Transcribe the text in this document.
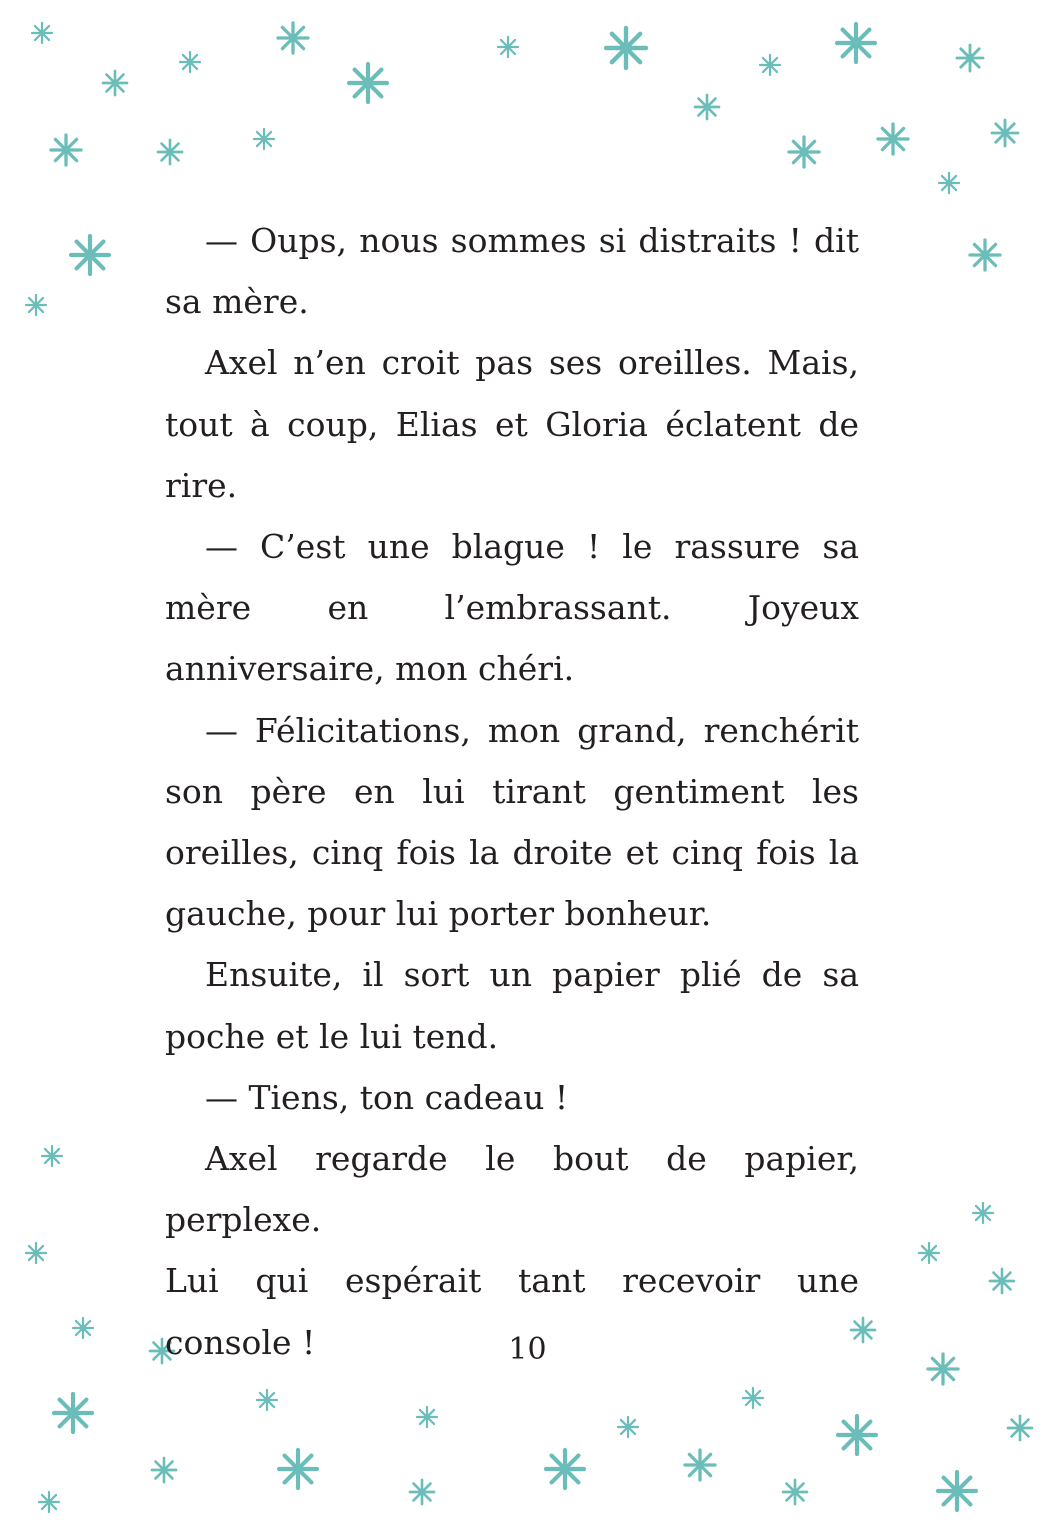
— Oups, nous sommes si distraits ! dit sa mère.

Axel n’en croit pas ses oreilles. Mais, tout à coup, Elias et Gloria éclatent de rire.

— C’est une blague ! le rassure sa mère en l’embrassant. Joyeux anniversaire, mon chéri.

— Félicitations, mon grand, renchérit son père en lui tirant gentiment les oreilles, cinq fois la droite et cinq fois la gauche, pour lui porter bonheur.

Ensuite, il sort un papier plié de sa poche et le lui tend.

— Tiens, ton cadeau !

Axel regarde le bout de papier, perplexe.

Lui qui espérait tant recevoir une console !	10
